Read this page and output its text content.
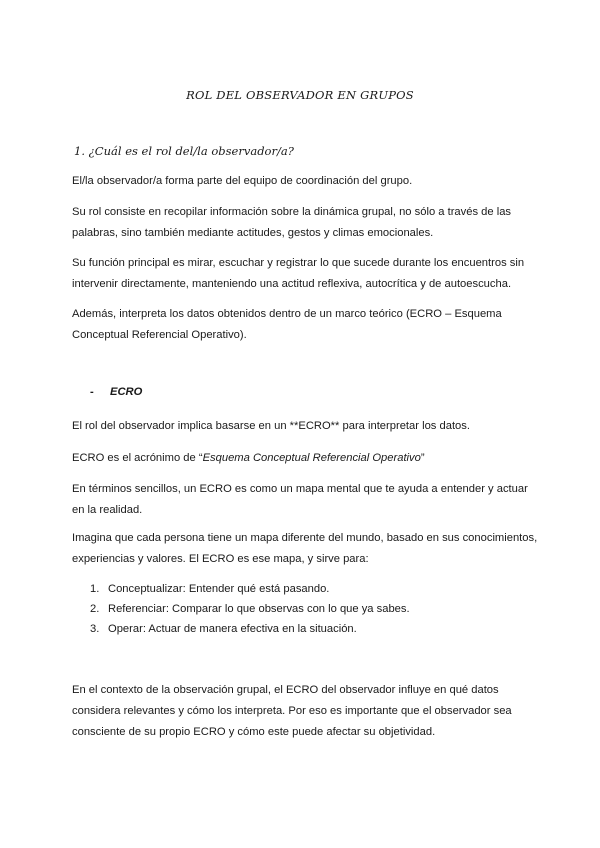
ROL DEL OBSERVADOR EN GRUPOS
1. ¿Cuál es el rol del/la observador/a?

El/la observador/a forma parte del equipo de coordinación del grupo.

Su rol consiste en recopilar información sobre la dinámica grupal, no sólo a través de las palabras, sino también mediante actitudes, gestos y climas emocionales.

Su función principal es mirar, escuchar y registrar lo que sucede durante los encuentros sin intervenir directamente, manteniendo una actitud reflexiva, autocrítica y de autoescucha.

Además, interpreta los datos obtenidos dentro de un marco teórico (ECRO – Esquema Conceptual Referencial Operativo).

- ECRO

El rol del observador implica basarse en un **ECRO** para interpretar los datos.

ECRO es el acrónimo de “Esquema Conceptual Referencial Operativo”

En términos sencillos, un ECRO es como un mapa mental que te ayuda a entender y actuar en la realidad.

Imagina que cada persona tiene un mapa diferente del mundo, basado en sus conocimientos, experiencias y valores. El ECRO es ese mapa, y sirve para:

1. Conceptualizar: Entender qué está pasando.
2. Referenciar: Comparar lo que observas con lo que ya sabes.
3. Operar: Actuar de manera efectiva en la situación.

En el contexto de la observación grupal, el ECRO del observador influye en qué datos considera relevantes y cómo los interpreta. Por eso es importante que el observador sea consciente de su propio ECRO y cómo este puede afectar su objetividad.
